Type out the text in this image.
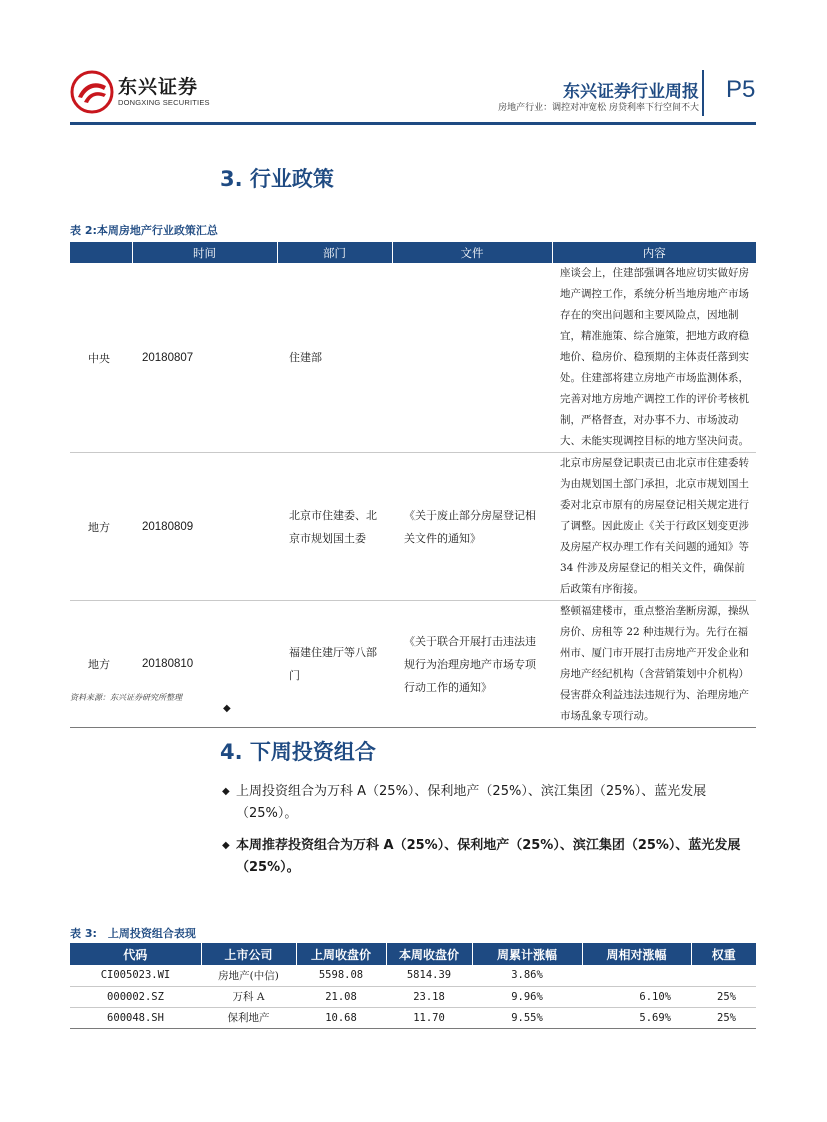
东兴证券
DONGXING SECURITIES
东兴证券行业周报
房地产行业：调控对冲宽松 房贷利率下行空间不大
P5
3. 行业政策
表 2:本周房地产行业政策汇总
	时间	部门	文件	内容
中央	20180807	住建部		座谈会上，住建部强调各地应切实做好房地产调控工作，系统分析当地房地产市场存在的突出问题和主要风险点，因地制宜，精准施策、综合施策，把地方政府稳地价、稳房价、稳预期的主体责任落到实处。住建部将建立房地产市场监测体系，完善对地方房地产调控工作的评价考核机制，严格督查，对办事不力、市场波动大、未能实现调控目标的地方坚决问责。
地方	20180809	北京市住建委、北京市规划国土委	《关于废止部分房屋登记相关文件的通知》	北京市房屋登记职责已由北京市住建委转为由规划国土部门承担，北京市规划国土委对北京市原有的房屋登记相关规定进行了调整。因此废止《关于行政区划变更涉及房屋产权办理工作有关问题的通知》等 34 件涉及房屋登记的相关文件，确保前后政策有序衔接。
地方	20180810	福建住建厅等八部门	《关于联合开展打击违法违规行为治理房地产市场专项行动工作的通知》	整顿福建楼市，重点整治垄断房源，操纵房价、房租等 22 种违规行为。先行在福州市、厦门市开展打击房地产开发企业和房地产经纪机构（含营销策划中介机构）侵害群众利益违法违规行为、治理房地产市场乱象专项行动。
资料来源：东兴证券研究所整理
◆
4. 下周投资组合
◆ 上周投资组合为万科 A（25%）、保利地产（25%）、滨江集团（25%）、蓝光发展（25%）。
◆ 本周推荐投资组合为万科 A（25%）、保利地产（25%）、滨江集团（25%）、蓝光发展（25%）。
表 3:　上周投资组合表现
代码	上市公司	上周收盘价	本周收盘价	周累计涨幅	周相对涨幅	权重
CI005023.WI	房地产(中信)	5598.08	5814.39	3.86%		
000002.SZ	万科 A	21.08	23.18	9.96%	6.10%	25%
600048.SH	保利地产	10.68	11.70	9.55%	5.69%	25%
